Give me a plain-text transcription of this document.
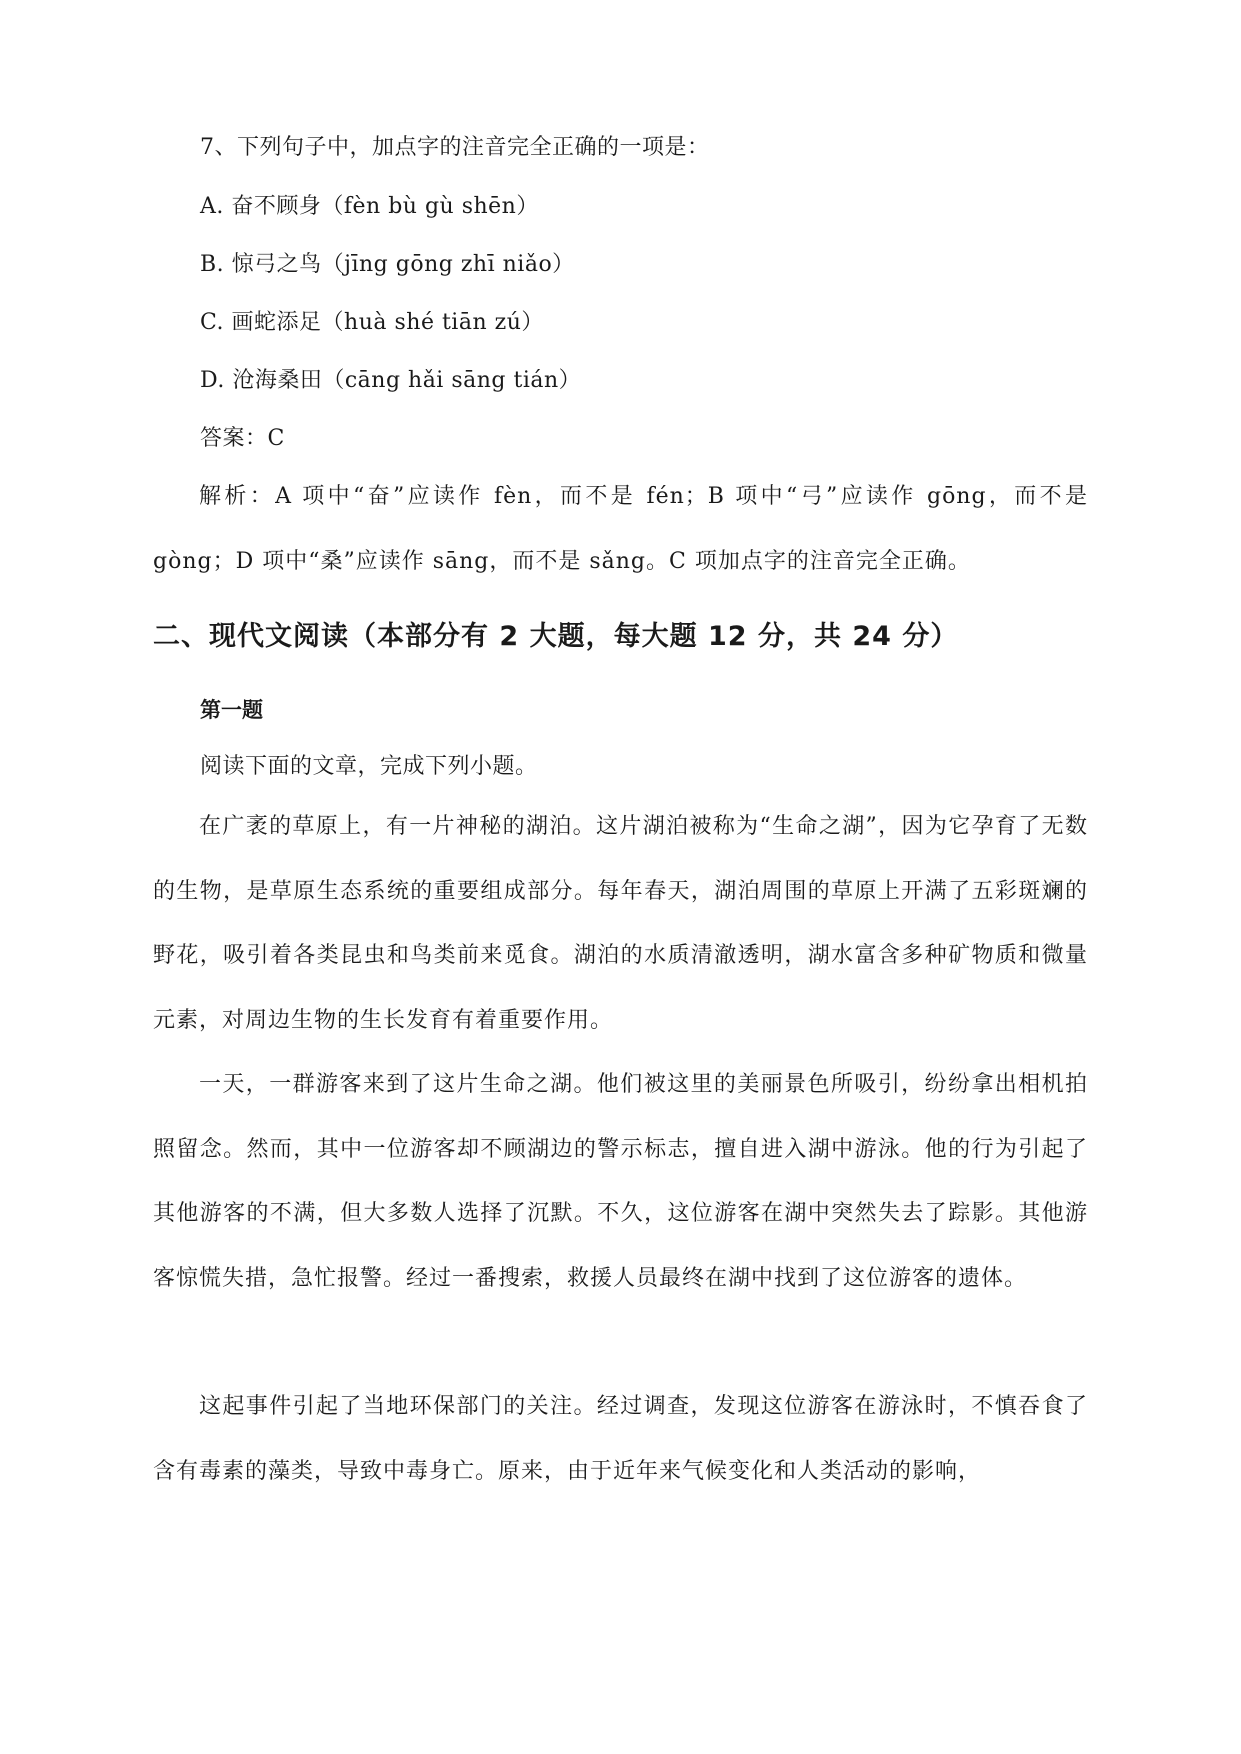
7、下列句子中，加点字的注音完全正确的一项是：
A. 奋不顾身（fèn bù gù shēn）
B. 惊弓之鸟（jīng gōng zhī niǎo）
C. 画蛇添足（huà shé tiān zú）
D. 沧海桑田（cāng hǎi sāng tián）
答案：C

解析：A 项中“奋”应读作 fèn，而不是 fén；B 项中“弓”应读作 gōng，而不是 gòng；D 项中“桑”应读作 sāng，而不是 sǎng。C 项加点字的注音完全正确。

二、现代文阅读（本部分有 2 大题，每大题 12 分，共 24 分）
第一题
阅读下面的文章，完成下列小题。

在广袤的草原上，有一片神秘的湖泊。这片湖泊被称为“生命之湖”，因为它孕育了无数的生物，是草原生态系统的重要组成部分。每年春天，湖泊周围的草原上开满了五彩斑斓的野花，吸引着各类昆虫和鸟类前来觅食。湖泊的水质清澈透明，湖水富含多种矿物质和微量元素，对周边生物的生长发育有着重要作用。

一天，一群游客来到了这片生命之湖。他们被这里的美丽景色所吸引，纷纷拿出相机拍照留念。然而，其中一位游客却不顾湖边的警示标志，擅自进入湖中游泳。他的行为引起了其他游客的不满，但大多数人选择了沉默。不久，这位游客在湖中突然失去了踪影。其他游客惊慌失措，急忙报警。经过一番搜索，救援人员最终在湖中找到了这位游客的遗体。

这起事件引起了当地环保部门的关注。经过调查，发现这位游客在游泳时，不慎吞食了含有毒素的藻类，导致中毒身亡。原来，由于近年来气候变化和人类活动的影响，
